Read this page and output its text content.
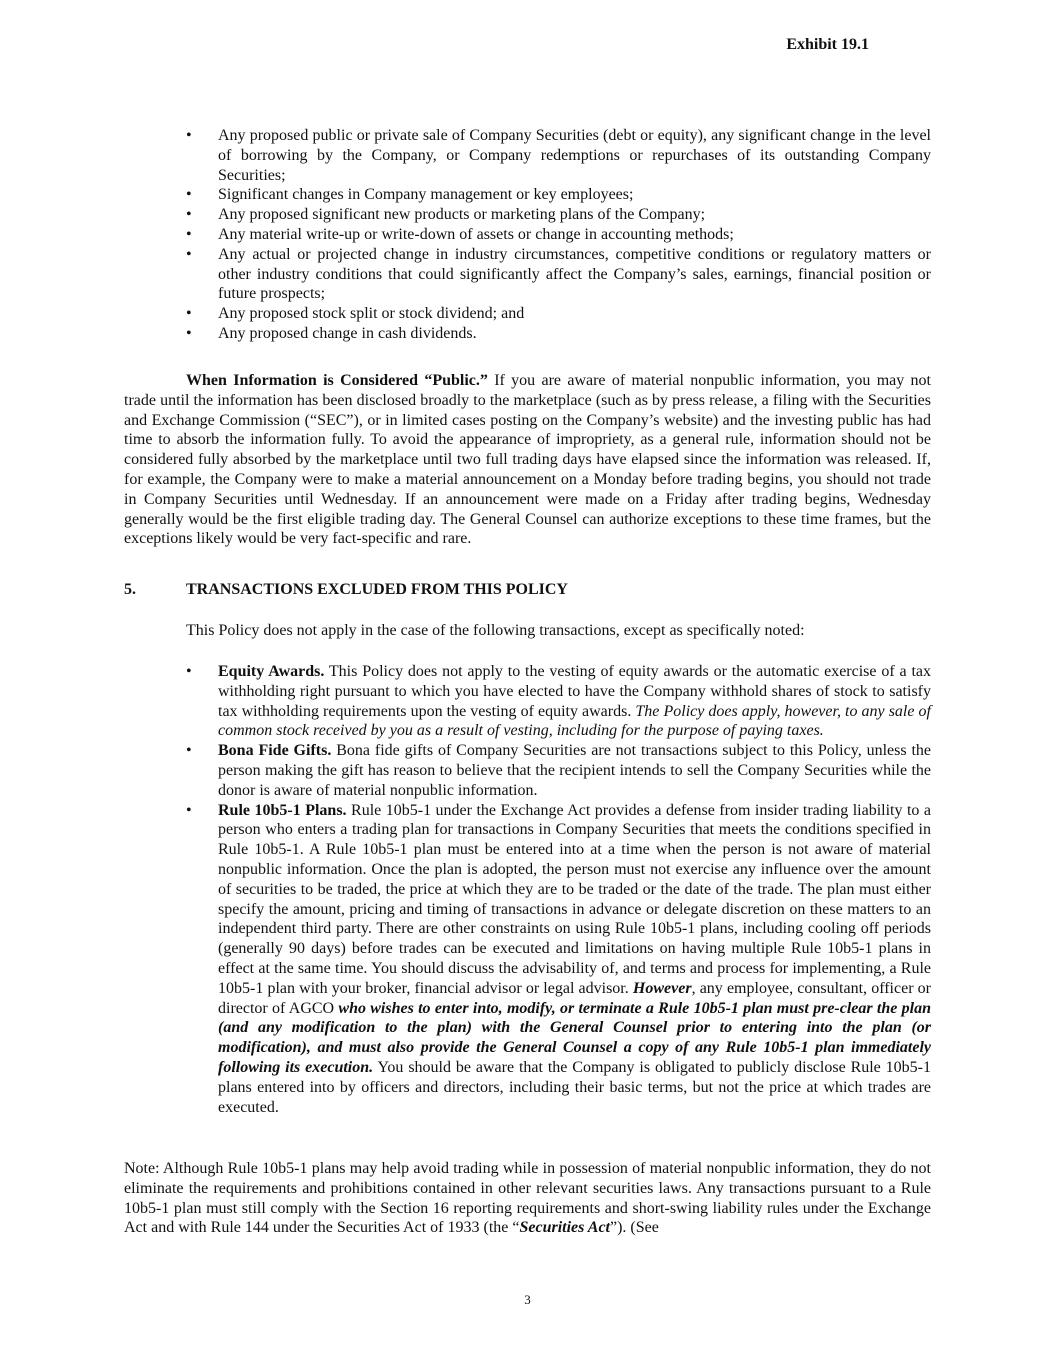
Exhibit 19.1
• Any proposed public or private sale of Company Securities (debt or equity), any significant change in the level of borrowing by the Company, or Company redemptions or repurchases of its outstanding Company Securities;
• Significant changes in Company management or key employees;
• Any proposed significant new products or marketing plans of the Company;
• Any material write-up or write-down of assets or change in accounting methods;
• Any actual or projected change in industry circumstances, competitive conditions or regulatory matters or other industry conditions that could significantly affect the Company’s sales, earnings, financial position or future prospects;
• Any proposed stock split or stock dividend; and
• Any proposed change in cash dividends.

When Information is Considered “Public.” If you are aware of material nonpublic information, you may not trade until the information has been disclosed broadly to the marketplace (such as by press release, a filing with the Securities and Exchange Commission (“SEC”), or in limited cases posting on the Company’s website) and the investing public has had time to absorb the information fully. To avoid the appearance of impropriety, as a general rule, information should not be considered fully absorbed by the marketplace until two full trading days have elapsed since the information was released. If, for example, the Company were to make a material announcement on a Monday before trading begins, you should not trade in Company Securities until Wednesday. If an announcement were made on a Friday after trading begins, Wednesday generally would be the first eligible trading day. The General Counsel can authorize exceptions to these time frames, but the exceptions likely would be very fact-specific and rare.

5.	TRANSACTIONS EXCLUDED FROM THIS POLICY

This Policy does not apply in the case of the following transactions, except as specifically noted:

• Equity Awards. This Policy does not apply to the vesting of equity awards or the automatic exercise of a tax withholding right pursuant to which you have elected to have the Company withhold shares of stock to satisfy tax withholding requirements upon the vesting of equity awards. The Policy does apply, however, to any sale of common stock received by you as a result of vesting, including for the purpose of paying taxes.
• Bona Fide Gifts. Bona fide gifts of Company Securities are not transactions subject to this Policy, unless the person making the gift has reason to believe that the recipient intends to sell the Company Securities while the donor is aware of material nonpublic information.
• Rule 10b5-1 Plans. Rule 10b5-1 under the Exchange Act provides a defense from insider trading liability to a person who enters a trading plan for transactions in Company Securities that meets the conditions specified in Rule 10b5-1. A Rule 10b5-1 plan must be entered into at a time when the person is not aware of material nonpublic information. Once the plan is adopted, the person must not exercise any influence over the amount of securities to be traded, the price at which they are to be traded or the date of the trade. The plan must either specify the amount, pricing and timing of transactions in advance or delegate discretion on these matters to an independent third party. There are other constraints on using Rule 10b5-1 plans, including cooling off periods (generally 90 days) before trades can be executed and limitations on having multiple Rule 10b5-1 plans in effect at the same time. You should discuss the advisability of, and terms and process for implementing, a Rule 10b5-1 plan with your broker, financial advisor or legal advisor. However, any employee, consultant, officer or director of AGCO who wishes to enter into, modify, or terminate a Rule 10b5-1 plan must pre-clear the plan (and any modification to the plan) with the General Counsel prior to entering into the plan (or modification), and must also provide the General Counsel a copy of any Rule 10b5-1 plan immediately following its execution. You should be aware that the Company is obligated to publicly disclose Rule 10b5-1 plans entered into by officers and directors, including their basic terms, but not the price at which trades are executed.

Note: Although Rule 10b5-1 plans may help avoid trading while in possession of material nonpublic information, they do not eliminate the requirements and prohibitions contained in other relevant securities laws. Any transactions pursuant to a Rule 10b5-1 plan must still comply with the Section 16 reporting requirements and short-swing liability rules under the Exchange Act and with Rule 144 under the Securities Act of 1933 (the “Securities Act”). (See

3
